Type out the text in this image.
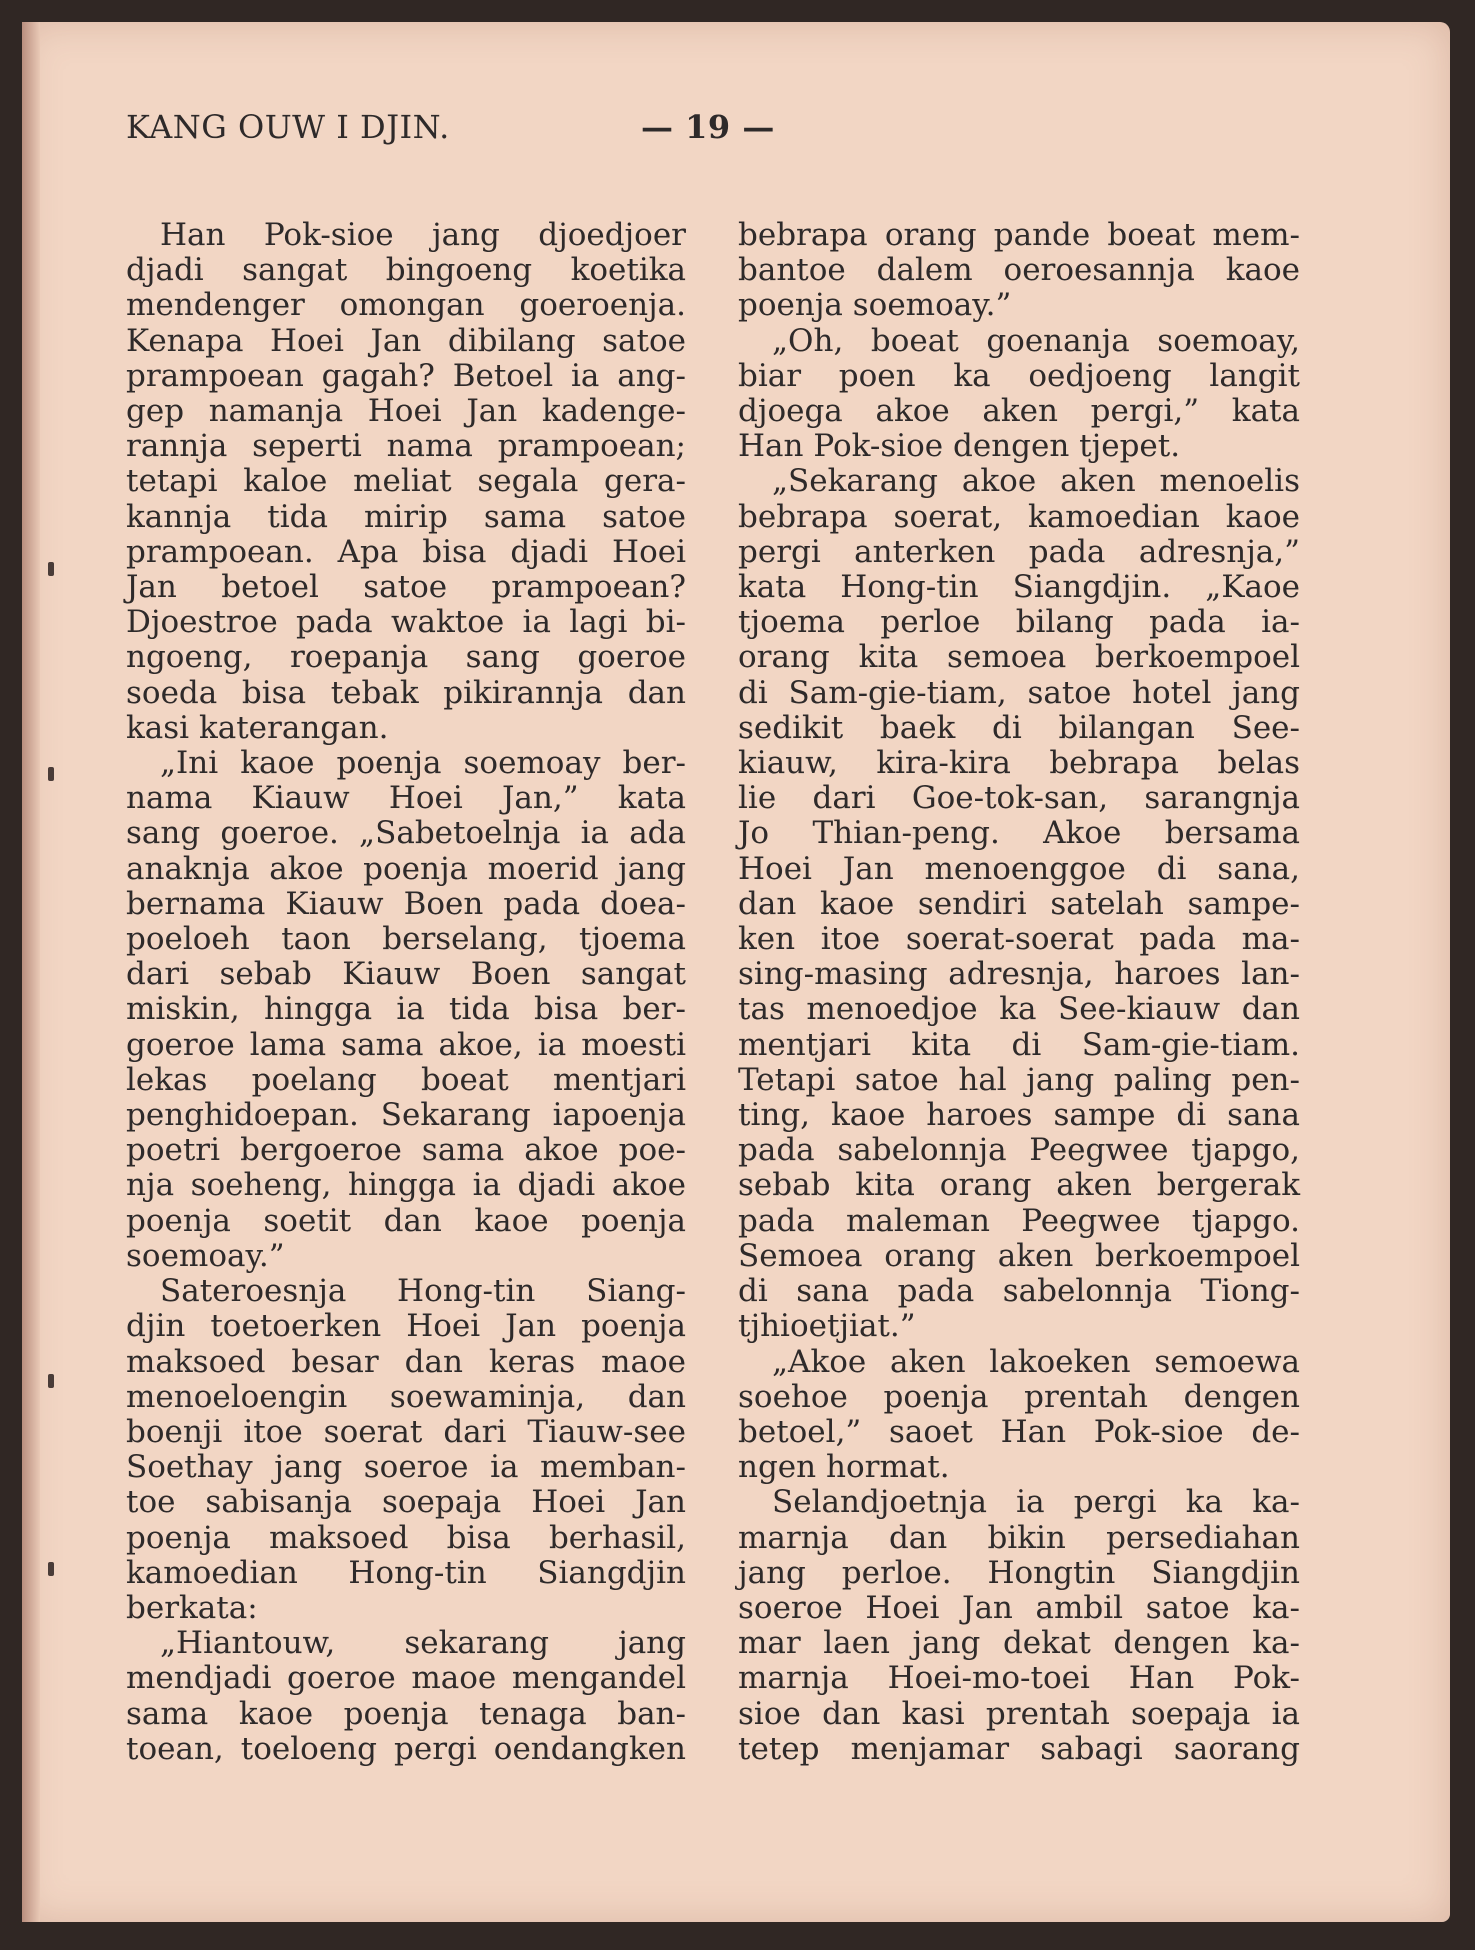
KANG OUW I DJIN.	— 19 —

Han Pok-sioe jang djoedjoer

djadi sangat bingoeng koetika

mendenger omongan goeroenja.

Kenapa Hoei Jan dibilang satoe

prampoean gagah? Betoel ia ang-

gep namanja Hoei Jan kadenge-

rannja seperti nama prampoean;

tetapi kaloe meliat segala gera-

kannja tida mirip sama satoe

prampoean. Apa bisa djadi Hoei

Jan betoel satoe prampoean?

Djoestroe pada waktoe ia lagi bi-

ngoeng, roepanja sang goeroe

soeda bisa tebak pikirannja dan

kasi katerangan.

„Ini kaoe poenja soemoay ber-

nama Kiauw Hoei Jan,” kata

sang goeroe. „Sabetoelnja ia ada

anaknja akoe poenja moerid jang

bernama Kiauw Boen pada doea-

poeloeh taon berselang, tjoema

dari sebab Kiauw Boen sangat

miskin, hingga ia tida bisa ber-

goeroe lama sama akoe, ia moesti

lekas poelang boeat mentjari

penghidoepan. Sekarang iapoenja

poetri bergoeroe sama akoe poe-

nja soeheng, hingga ia djadi akoe

poenja soetit dan kaoe poenja

soemoay.”

Sateroesnja Hong-tin Siang-

djin toetoerken Hoei Jan poenja

maksoed besar dan keras maoe

menoeloengin soewaminja, dan

boenji itoe soerat dari Tiauw-see

Soethay jang soeroe ia memban-

toe sabisanja soepaja Hoei Jan

poenja maksoed bisa berhasil,

kamoedian Hong-tin Siangdjin

berkata:

„Hiantouw, sekarang jang

mendjadi goeroe maoe mengandel

sama kaoe poenja tenaga ban-

toean, toeloeng pergi oendangken

bebrapa orang pande boeat mem-

bantoe dalem oeroesannja kaoe

poenja soemoay.”

„Oh, boeat goenanja soemoay,

biar poen ka oedjoeng langit

djoega akoe aken pergi,” kata

Han Pok-sioe dengen tjepet.

„Sekarang akoe aken menoelis

bebrapa soerat, kamoedian kaoe

pergi anterken pada adresnja,”

kata Hong-tin Siangdjin. „Kaoe

tjoema perloe bilang pada ia-

orang kita semoea berkoempoel

di Sam-gie-tiam, satoe hotel jang

sedikit baek di bilangan See-

kiauw, kira-kira bebrapa belas

lie dari Goe-tok-san, sarangnja

Jo Thian-peng. Akoe bersama

Hoei Jan menoenggoe di sana,

dan kaoe sendiri satelah sampe-

ken itoe soerat-soerat pada ma-

sing-masing adresnja, haroes lan-

tas menoedjoe ka See-kiauw dan

mentjari kita di Sam-gie-tiam.

Tetapi satoe hal jang paling pen-

ting, kaoe haroes sampe di sana

pada sabelonnja Peegwee tjapgo,

sebab kita orang aken bergerak

pada maleman Peegwee tjapgo.

Semoea orang aken berkoempoel

di sana pada sabelonnja Tiong-

tjhioetjiat.”

„Akoe aken lakoeken semoewa

soehoe poenja prentah dengen

betoel,” saoet Han Pok-sioe de-

ngen hormat.

Selandjoetnja ia pergi ka ka-

marnja dan bikin persediahan

jang perloe. Hongtin Siangdjin

soeroe Hoei Jan ambil satoe ka-

mar laen jang dekat dengen ka-

marnja Hoei-mo-toei Han Pok-

sioe dan kasi prentah soepaja ia

tetep menjamar sabagi saorang
